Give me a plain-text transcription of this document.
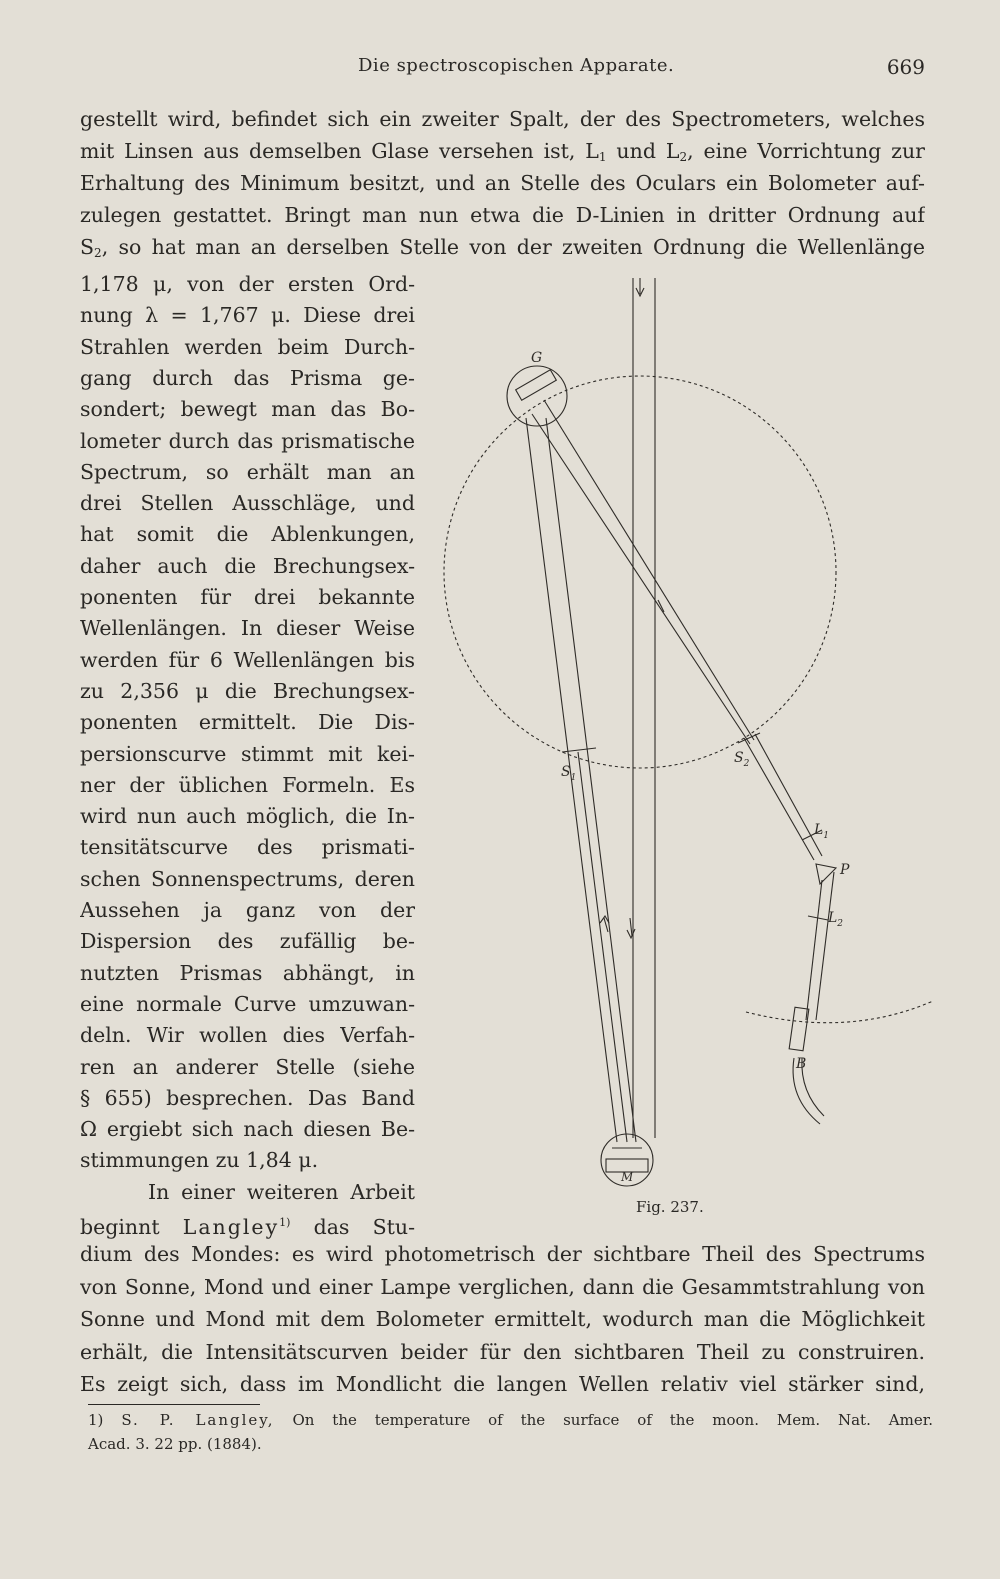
Die spectroscopischen Apparate.	669
gestellt wird, befindet sich ein zweiter Spalt, der des Spectrometers, welches
mit Linsen aus demselben Glase versehen ist, $L_1$ und $L_2$, eine Vorrichtung zur
Erhaltung des Minimum besitzt, und an Stelle des Oculars ein Bolometer auf-
zulegen gestattet. Bringt man nun etwa die D-Linien in dritter Ordnung auf
$S_2$, so hat man an derselben Stelle von der zweiten Ordnung die Wellenlänge
1,178 μ, von der ersten Ord-
nung λ = 1,767 μ. Diese drei
Strahlen werden beim Durch-
gang durch das Prisma ge-
sondert; bewegt man das Bo-
lometer durch das prismatische
Spectrum, so erhält man an
drei Stellen Ausschläge, und
hat somit die Ablenkungen,
daher auch die Brechungsex-
ponenten für drei bekannte
Wellenlängen. In dieser Weise
werden für 6 Wellenlängen bis
zu 2,356 μ die Brechungsex-
ponenten ermittelt. Die Dis-
persionscurve stimmt mit kei-
ner der üblichen Formeln. Es
wird nun auch möglich, die In-
tensitätscurve des prismati-
schen Sonnenspectrums, deren
Aussehen ja ganz von der
Dispersion des zufällig be-
nutzten Prismas abhängt, in
eine normale Curve umzuwan-
deln. Wir wollen dies Verfah-
ren an anderer Stelle (siehe
§ 655) besprechen. Das Band
Ω ergiebt sich nach diesen Be-
stimmungen zu 1,84 μ.
In einer weiteren Arbeit
beginnt Langley$^{1)}$ das Stu-
dium des Mondes: es wird photometrisch der sichtbare Theil des Spectrums
von Sonne, Mond und einer Lampe verglichen, dann die Gesammtstrahlung von
Sonne und Mond mit dem Bolometer ermittelt, wodurch man die Möglichkeit
erhält, die Intensitätscurven beider für den sichtbaren Theil zu construiren.
Es zeigt sich, dass im Mondlicht die langen Wellen relativ viel stärker sind,
G
$S_1$
$S_2$
$L_1$
P
$L_2$
B
M
Fig. 237.
1) S. P. Langley, On the temperature of the surface of the moon. Mem. Nat. Amer.
Acad. 3. 22 pp. (1884).
